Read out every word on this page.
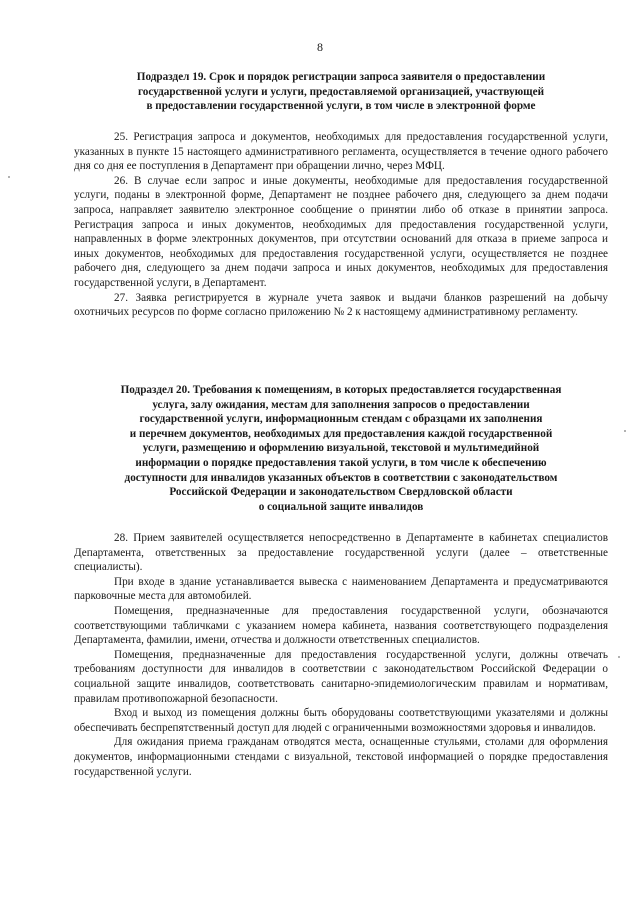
8
Подраздел 19. Срок и порядок регистрации запроса заявителя о предоставлении
государственной услуги и услуги, предоставляемой организацией, участвующей
в предоставлении государственной услуги, в том числе в электронной форме

25. Регистрация запроса и документов, необходимых для предоставления государственной услуги, указанных в пункте 15 настоящего административного регламента, осуществляется в течение одного рабочего дня со дня ее поступления в Департамент при обращении лично, через МФЦ.

26. В случае если запрос и иные документы, необходимые для предоставления государственной услуги, поданы в электронной форме, Департамент не позднее рабочего дня, следующего за днем подачи запроса, направляет заявителю электронное сообщение о принятии либо об отказе в принятии запроса. Регистрация запроса и иных документов, необходимых для предоставления государственной услуги, направленных в форме электронных документов, при отсутствии оснований для отказа в приеме запроса и иных документов, необходимых для предоставления государственной услуги, осуществляется не позднее рабочего дня, следующего за днем подачи запроса и иных документов, необходимых для предоставления государственной услуги, в Департамент.

27. Заявка регистрируется в журнале учета заявок и выдачи бланков разрешений на добычу охотничьих ресурсов по форме согласно приложению № 2 к настоящему административному регламенту.

Подраздел 20. Требования к помещениям, в которых предоставляется государственная
услуга, залу ожидания, местам для заполнения запросов о предоставлении
государственной услуги, информационным стендам с образцами их заполнения
и перечнем документов, необходимых для предоставления каждой государственной
услуги, размещению и оформлению визуальной, текстовой и мультимедийной
информации о порядке предоставления такой услуги, в том числе к обеспечению
доступности для инвалидов указанных объектов в соответствии с законодательством
Российской Федерации и законодательством Свердловской области
о социальной защите инвалидов

28. Прием заявителей осуществляется непосредственно в Департаменте в кабинетах специалистов Департамента, ответственных за предоставление государственной услуги (далее – ответственные специалисты).

При входе в здание устанавливается вывеска с наименованием Департамента и предусматриваются парковочные места для автомобилей.

Помещения, предназначенные для предоставления государственной услуги, обозначаются соответствующими табличками с указанием номера кабинета, названия соответствующего подразделения Департамента, фамилии, имени, отчества и должности ответственных специалистов.

Помещения, предназначенные для предоставления государственной услуги, должны отвечать требованиям доступности для инвалидов в соответствии с законодательством Российской Федерации о социальной защите инвалидов, соответствовать санитарно-эпидемиологическим правилам и нормативам, правилам противопожарной безопасности.

Вход и выход из помещения должны быть оборудованы соответствующими указателями и должны обеспечивать беспрепятственный доступ для людей с ограниченными возможностями здоровья и инвалидов.

Для ожидания приема гражданам отводятся места, оснащенные стульями, столами для оформления документов, информационными стендами с визуальной, текстовой информацией о порядке предоставления государственной услуги.
